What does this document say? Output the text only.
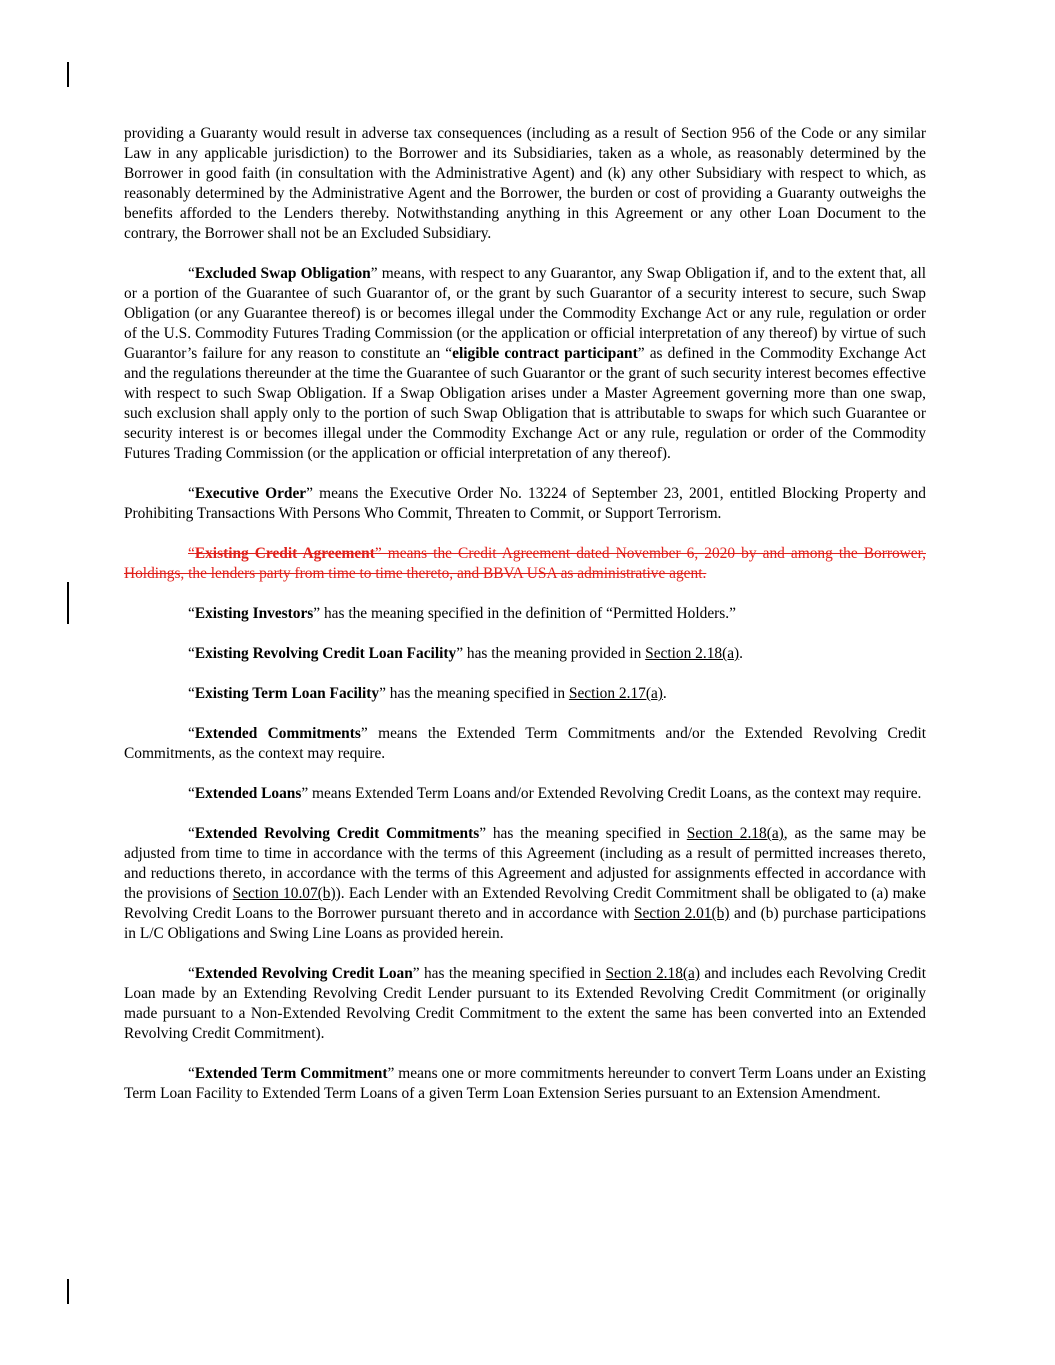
providing a Guaranty would result in adverse tax consequences (including as a result of Section 956 of the Code or any similar Law in any applicable jurisdiction) to the Borrower and its Subsidiaries, taken as a whole, as reasonably determined by the Borrower in good faith (in consultation with the Administrative Agent) and (k) any other Subsidiary with respect to which, as reasonably determined by the Administrative Agent and the Borrower, the burden or cost of providing a Guaranty outweighs the benefits afforded to the Lenders thereby. Notwithstanding anything in this Agreement or any other Loan Document to the contrary, the Borrower shall not be an Excluded Subsidiary.

“Excluded Swap Obligation” means, with respect to any Guarantor, any Swap Obligation if, and to the extent that, all or a portion of the Guarantee of such Guarantor of, or the grant by such Guarantor of a security interest to secure, such Swap Obligation (or any Guarantee thereof) is or becomes illegal under the Commodity Exchange Act or any rule, regulation or order of the U.S. Commodity Futures Trading Commission (or the application or official interpretation of any thereof) by virtue of such Guarantor’s failure for any reason to constitute an “eligible contract participant” as defined in the Commodity Exchange Act and the regulations thereunder at the time the Guarantee of such Guarantor or the grant of such security interest becomes effective with respect to such Swap Obligation. If a Swap Obligation arises under a Master Agreement governing more than one swap, such exclusion shall apply only to the portion of such Swap Obligation that is attributable to swaps for which such Guarantee or security interest is or becomes illegal under the Commodity Exchange Act or any rule, regulation or order of the Commodity Futures Trading Commission (or the application or official interpretation of any thereof).

“Executive Order” means the Executive Order No. 13224 of September 23, 2001, entitled Blocking Property and Prohibiting Transactions With Persons Who Commit, Threaten to Commit, or Support Terrorism.

“Existing Credit Agreement” means the Credit Agreement dated November 6, 2020 by and among the Borrower, Holdings, the lenders party from time to time thereto, and BBVA USA as administrative agent.

“Existing Investors” has the meaning specified in the definition of “Permitted Holders.”

“Existing Revolving Credit Loan Facility” has the meaning provided in Section 2.18(a).

“Existing Term Loan Facility” has the meaning specified in Section 2.17(a).

“Extended Commitments” means the Extended Term Commitments and/or the Extended Revolving Credit Commitments, as the context may require.

“Extended Loans” means Extended Term Loans and/or Extended Revolving Credit Loans, as the context may require.

“Extended Revolving Credit Commitments” has the meaning specified in Section 2.18(a), as the same may be adjusted from time to time in accordance with the terms of this Agreement (including as a result of permitted increases thereto, and reductions thereto, in accordance with the terms of this Agreement and adjusted for assignments effected in accordance with the provisions of Section 10.07(b)). Each Lender with an Extended Revolving Credit Commitment shall be obligated to (a) make Revolving Credit Loans to the Borrower pursuant thereto and in accordance with Section 2.01(b) and (b) purchase participations in L/C Obligations and Swing Line Loans as provided herein.

“Extended Revolving Credit Loan” has the meaning specified in Section 2.18(a) and includes each Revolving Credit Loan made by an Extending Revolving Credit Lender pursuant to its Extended Revolving Credit Commitment (or originally made pursuant to a Non-Extended Revolving Credit Commitment to the extent the same has been converted into an Extended Revolving Credit Commitment).

“Extended Term Commitment” means one or more commitments hereunder to convert Term Loans under an Existing Term Loan Facility to Extended Term Loans of a given Term Loan Extension Series pursuant to an Extension Amendment.
